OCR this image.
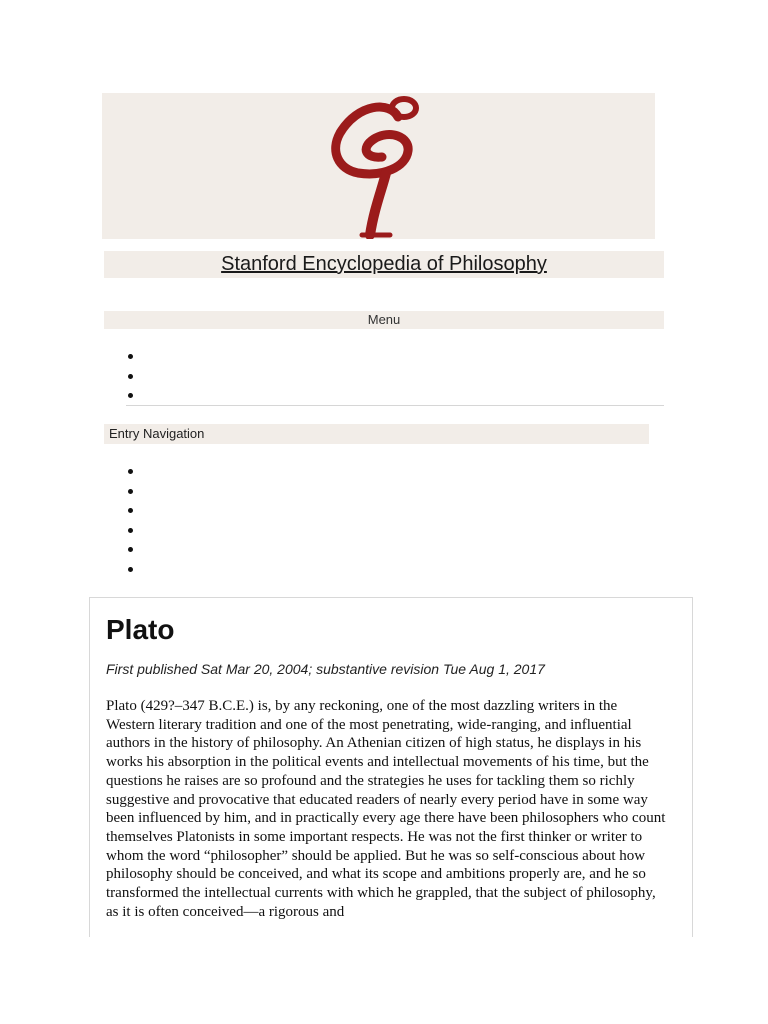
Stanford Encyclopedia of Philosophy
Menu
Entry Navigation
Plato

First published Sat Mar 20, 2004; substantive revision Tue Aug 1, 2017

Plato (429?–347 B.C.E.) is, by any reckoning, one of the most dazzling writers in the Western literary tradition and one of the most penetrating, wide-ranging, and influential authors in the history of philosophy. An Athenian citizen of high status, he displays in his works his absorption in the political events and intellectual movements of his time, but the questions he raises are so profound and the strategies he uses for tackling them so richly suggestive and provocative that educated readers of nearly every period have in some way been influenced by him, and in practically every age there have been philosophers who count themselves Platonists in some important respects. He was not the first thinker or writer to whom the word “philosopher” should be applied. But he was so self-conscious about how philosophy should be conceived, and what its scope and ambitions properly are, and he so transformed the intellectual currents with which he grappled, that the subject of philosophy, as it is often conceived—a rigorous and
